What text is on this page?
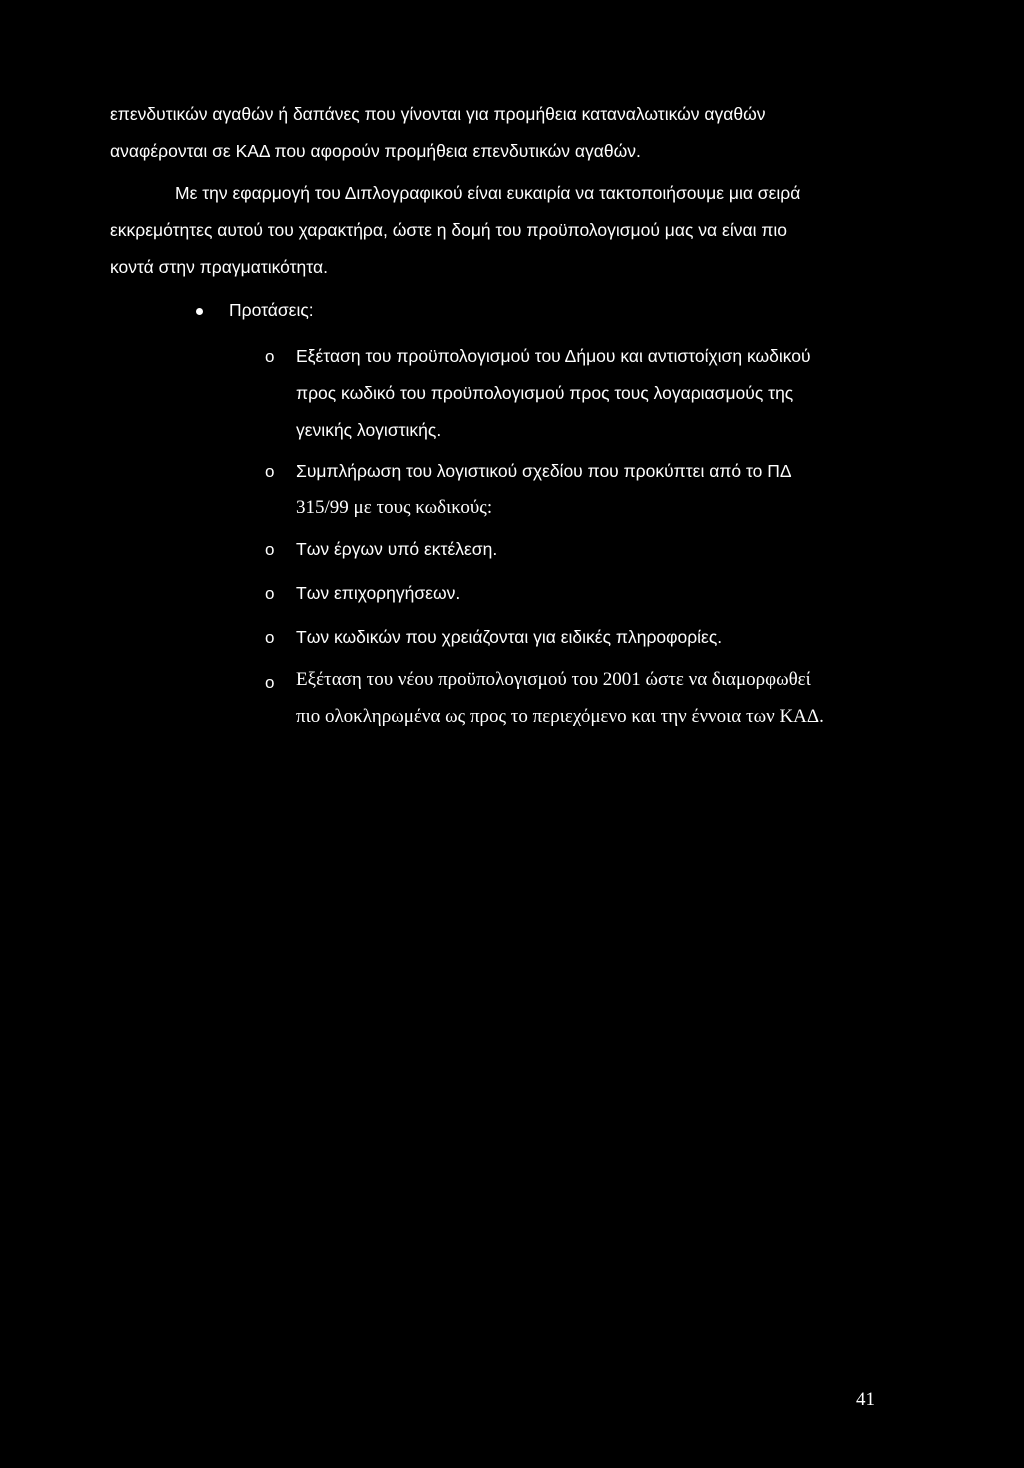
επενδυτικών αγαθών ή δαπάνες που γίνονται για προμήθεια καταναλωτικών αγαθών
αναφέρονται σε ΚΑΔ που αφορούν προμήθεια επενδυτικών αγαθών.
Με την εφαρμογή του Διπλογραφικού είναι ευκαιρία να τακτοποιήσουμε μια σειρά
εκκρεμότητες αυτού του χαρακτήρα, ώστε η δομή του προϋπολογισμού μας να είναι πιο
κοντά στην πραγματικότητα.
Προτάσεις:
o Εξέταση του προϋπολογισμού του Δήμου και αντιστοίχιση κωδικού
προς κωδικό του προϋπολογισμού προς τους λογαριασμούς της
γενικής λογιστικής.
o Συμπλήρωση του λογιστικού σχεδίου που προκύπτει από το ΠΔ
315/99 με τους κωδικούς:
o Των έργων υπό εκτέλεση.
o Των επιχορηγήσεων.
o Των κωδικών που χρειάζονται για ειδικές πληροφορίες.
o Εξέταση του νέου προϋπολογισμού του 2001 ώστε να διαμορφωθεί
πιο ολοκληρωμένα ως προς το περιεχόμενο και την έννοια των ΚΑΔ.
41
